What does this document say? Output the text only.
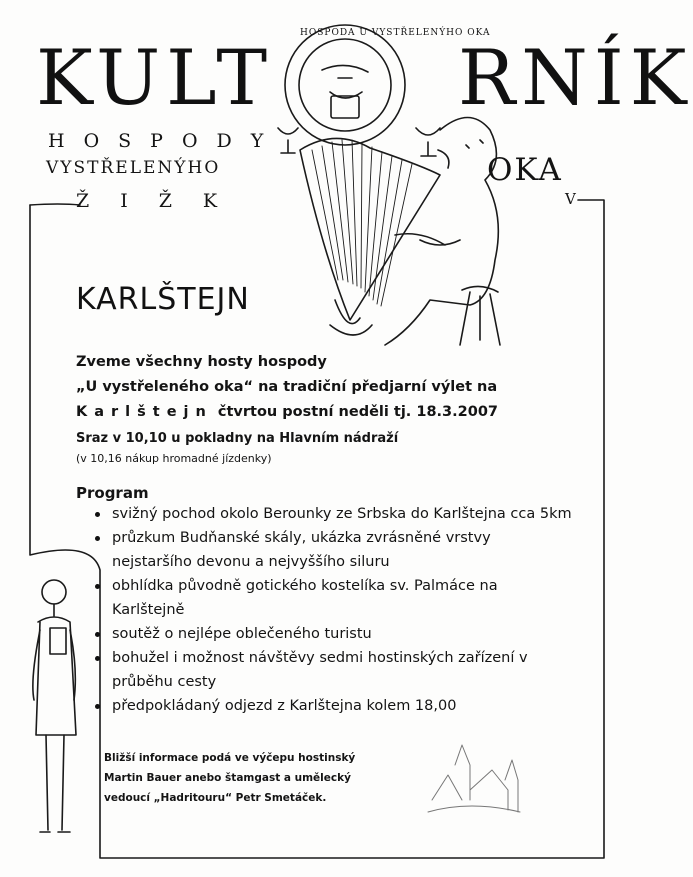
KULT RNÍK
HOSPODY
VYSTŘELENÝHO	OKA
ŽIŽK	V
HOSPODA U VYSTŘELENÝHO OKA
KARLŠTEJN
Zveme všechny hosty hospody
„U vystřeleného oka“ na tradiční předjarní výlet na
Karlštejn čtvrtou postní neděli tj. 18.3.2007
Sraz v 10,10 u pokladny na Hlavním nádraží
(v 10,16 nákup hromadné jízdenky)
Program
svižný pochod okolo Berounky ze Srbska do Karlštejna cca 5km
průzkum Budňanské skály, ukázka zvrásněné vrstvy nejstaršího devonu a nejvyššího siluru
obhlídka původně gotického kostelíka sv. Palmáce na Karlštejně
soutěž o nejlépe oblečeného turistu
bohužel i možnost návštěvy sedmi hostinských zařízení v průběhu cesty
předpokládaný odjezd z Karlštejna kolem 18,00
Bližší informace podá ve výčepu hostinský
Martin Bauer anebo štamgast a umělecký
vedoucí „Hadritouru“ Petr Smetáček.
